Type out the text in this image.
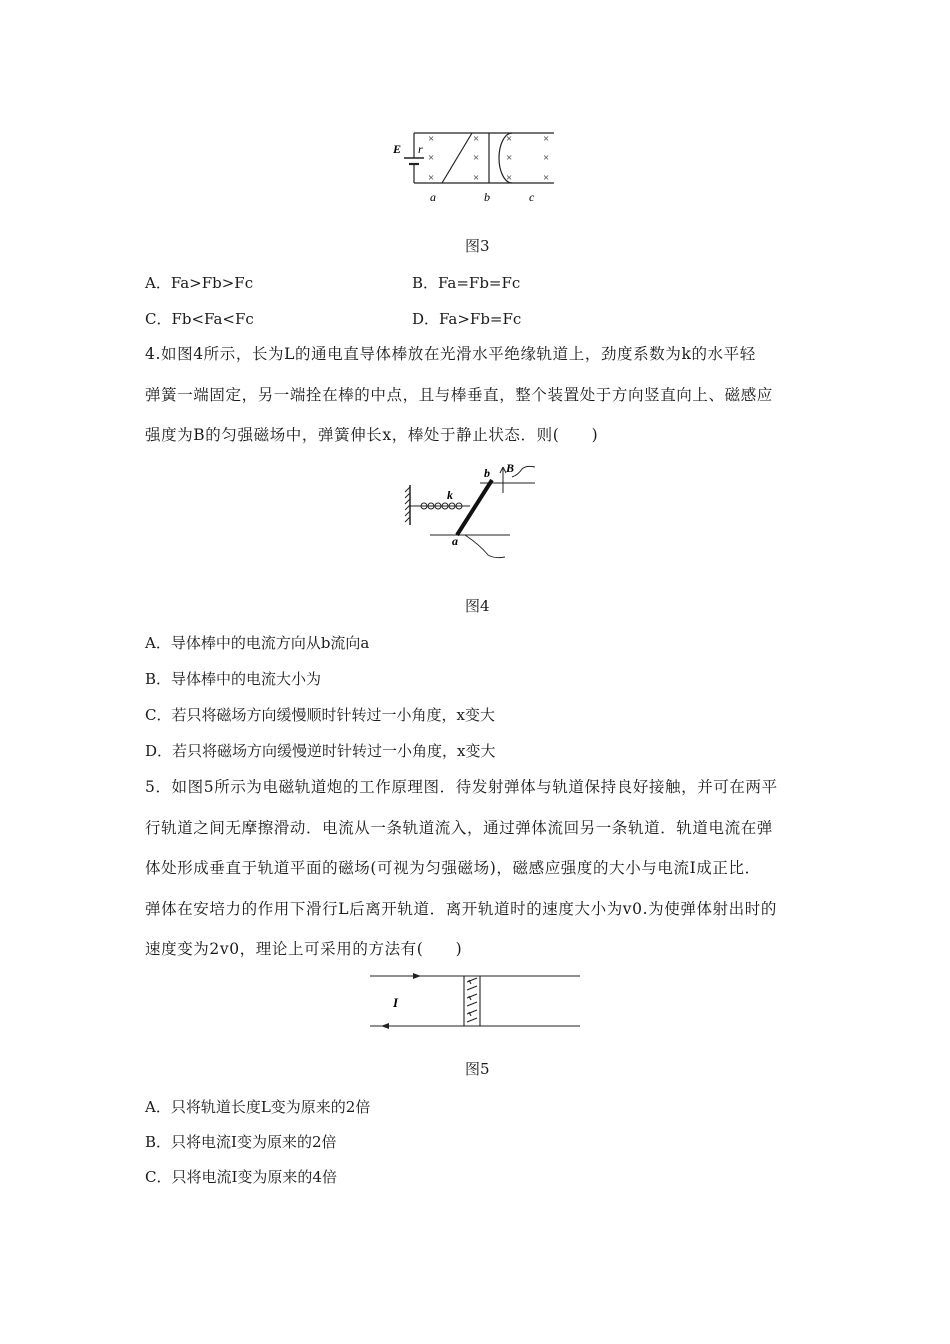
E r
×
×
×
×
×
×
×
×
×
×
×
×
a	b	c
图3
A．Fa>Fb>Fc	B．Fa=Fb=Fc
C．Fb<Fa<Fc	D．Fa>Fb=Fc
4.如图4所示，长为L的通电直导体棒放在光滑水平绝缘轨道上，劲度系数为k的水平轻
弹簧一端固定，另一端拴在棒的中点，且与棒垂直，整个装置处于方向竖直向上、磁感应
强度为B的匀强磁场中，弹簧伸长x，棒处于静止状态．则(　　)
B
b
k
a
图4
A．导体棒中的电流方向从b流向a
B．导体棒中的电流大小为
C．若只将磁场方向缓慢顺时针转过一小角度，x变大
D．若只将磁场方向缓慢逆时针转过一小角度，x变大
5．如图5所示为电磁轨道炮的工作原理图．待发射弹体与轨道保持良好接触，并可在两平
行轨道之间无摩擦滑动．电流从一条轨道流入，通过弹体流回另一条轨道．轨道电流在弹
体处形成垂直于轨道平面的磁场(可视为匀强磁场)，磁感应强度的大小与电流I成正比．
弹体在安培力的作用下滑行L后离开轨道．离开轨道时的速度大小为v0.为使弹体射出时的
速度变为2v0，理论上可采用的方法有(　　)
I
图5
A．只将轨道长度L变为原来的2倍
B．只将电流I变为原来的2倍
C．只将电流I变为原来的4倍
